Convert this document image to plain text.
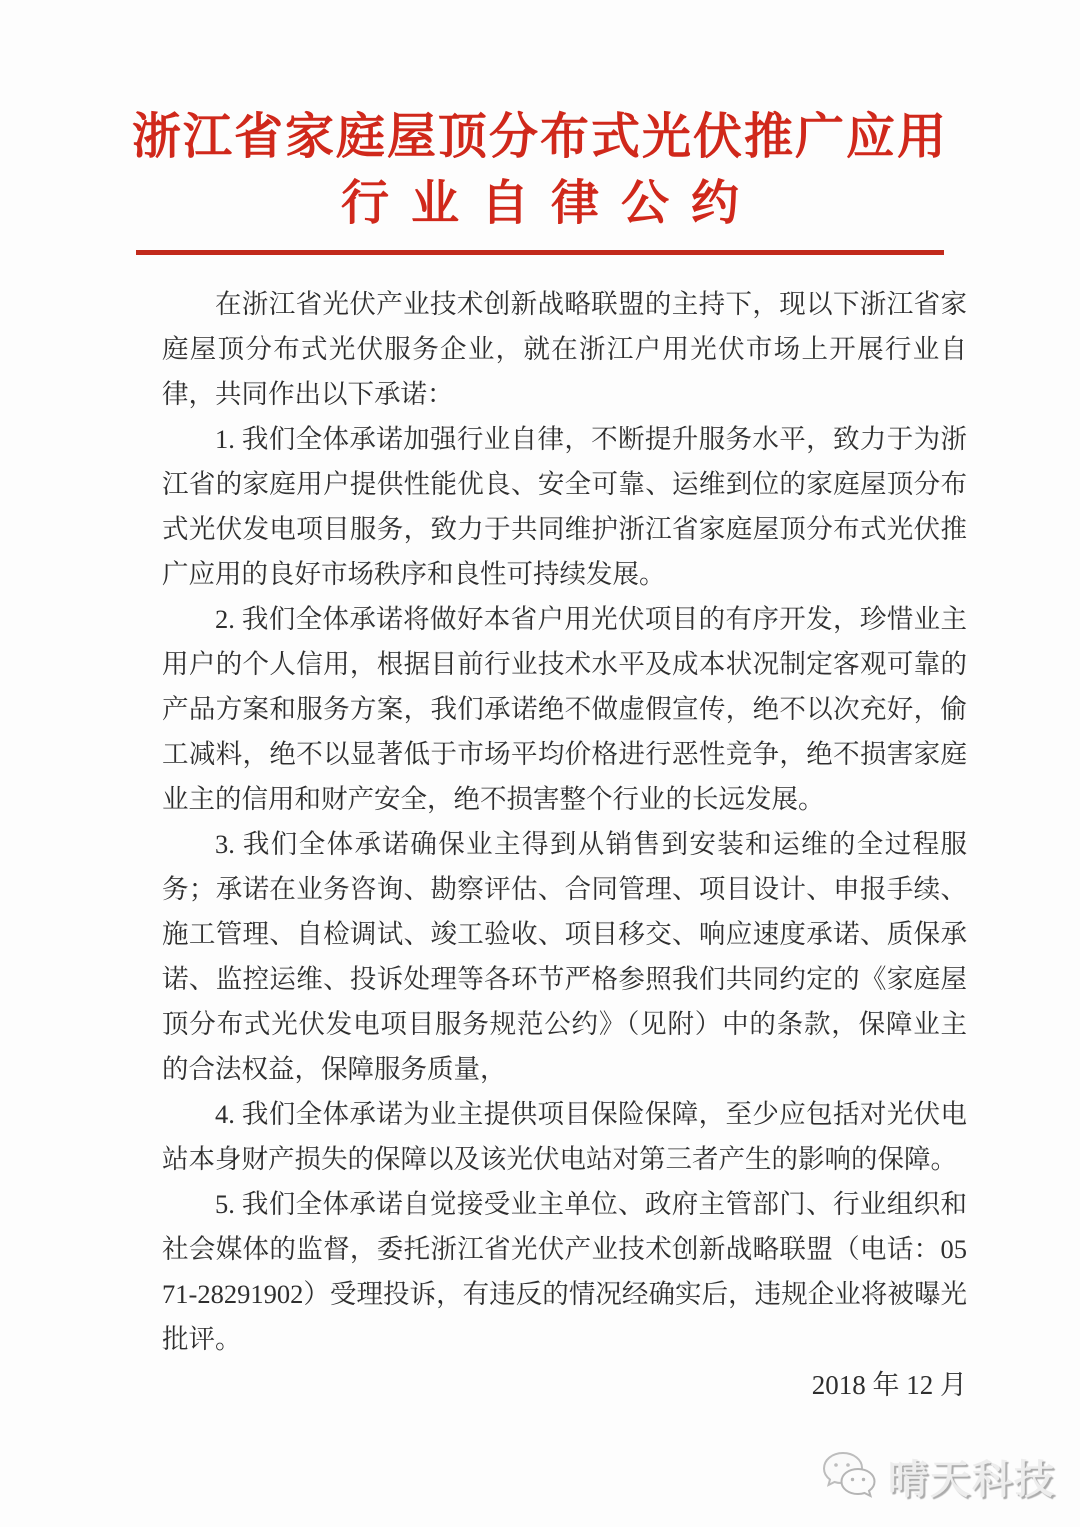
浙江省家庭屋顶分布式光伏推广应用
行业自律公约

在浙江省光伏产业技术创新战略联盟的主持下，现以下浙江省家庭屋顶分布式光伏服务企业，就在浙江户用光伏市场上开展行业自律，共同作出以下承诺：

1. 我们全体承诺加强行业自律，不断提升服务水平，致力于为浙江省的家庭用户提供性能优良、安全可靠、运维到位的家庭屋顶分布式光伏发电项目服务，致力于共同维护浙江省家庭屋顶分布式光伏推广应用的良好市场秩序和良性可持续发展。

2. 我们全体承诺将做好本省户用光伏项目的有序开发，珍惜业主用户的个人信用，根据目前行业技术水平及成本状况制定客观可靠的产品方案和服务方案，我们承诺绝不做虚假宣传，绝不以次充好，偷工减料，绝不以显著低于市场平均价格进行恶性竞争，绝不损害家庭业主的信用和财产安全，绝不损害整个行业的长远发展。

3. 我们全体承诺确保业主得到从销售到安装和运维的全过程服务；承诺在业务咨询、勘察评估、合同管理、项目设计、申报手续、施工管理、自检调试、竣工验收、项目移交、响应速度承诺、质保承诺、监控运维、投诉处理等各环节严格参照我们共同约定的《家庭屋顶分布式光伏发电项目服务规范公约》（见附）中的条款，保障业主的合法权益，保障服务质量，

4. 我们全体承诺为业主提供项目保险保障，至少应包括对光伏电站本身财产损失的保障以及该光伏电站对第三者产生的影响的保障。

5. 我们全体承诺自觉接受业主单位、政府主管部门、行业组织和社会媒体的监督，委托浙江省光伏产业技术创新战略联盟（电话：0571-28291902）受理投诉，有违反的情况经确实后，违规企业将被曝光批评。

2018 年 12 月
晴天科技
